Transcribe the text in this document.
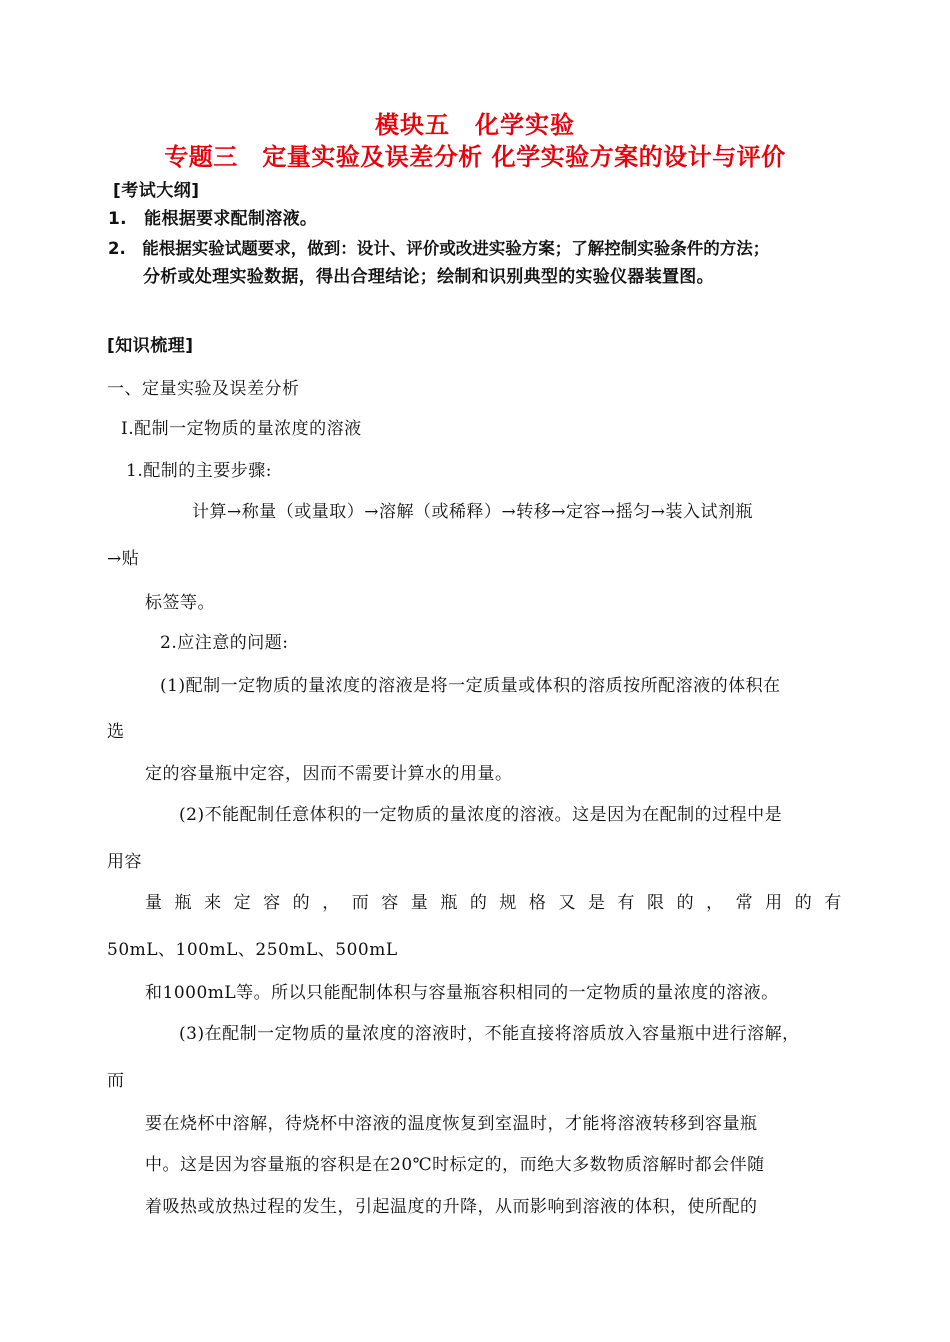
模块五　化学实验
专题三　定量实验及误差分析 化学实验方案的设计与评价
[考试大纲]
1.　能根据要求配制溶液。
2.　能根据实验试题要求，做到：设计、评价或改进实验方案；了解控制实验条件的方法；
分析或处理实验数据，得出合理结论；绘制和识别典型的实验仪器装置图。
[知识梳理]
一、定量实验及误差分析
Ⅰ.配制一定物质的量浓度的溶液
1.配制的主要步骤:
计算→称量（或量取）→溶解（或稀释）→转移→定容→摇匀→装入试剂瓶
→贴
标签等。
2.应注意的问题:
(1)配制一定物质的量浓度的溶液是将一定质量或体积的溶质按所配溶液的体积在
选
定的容量瓶中定容，因而不需要计算水的用量。
(2)不能配制任意体积的一定物质的量浓度的溶液。这是因为在配制的过程中是
用容
量 瓶 来 定 容 的 ， 而 容 量 瓶 的 规 格 又 是 有 限 的 ， 常 用 的 有
50mL、100mL、250mL、500mL
和1000mL等。所以只能配制体积与容量瓶容积相同的一定物质的量浓度的溶液。
(3)在配制一定物质的量浓度的溶液时，不能直接将溶质放入容量瓶中进行溶解，
而
要在烧杯中溶解，待烧杯中溶液的温度恢复到室温时，才能将溶液转移到容量瓶
中。这是因为容量瓶的容积是在20℃时标定的，而绝大多数物质溶解时都会伴随
着吸热或放热过程的发生，引起温度的升降，从而影响到溶液的体积，使所配的
